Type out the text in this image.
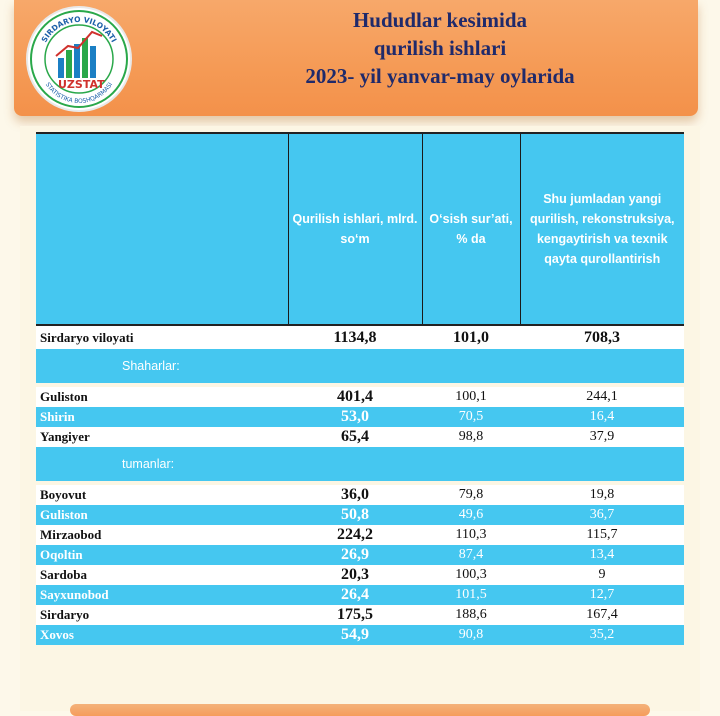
SIRDARYO VILOYATI
STATISTIKA BOSHQARMASI
UZSTAT
Hududlar kesimida
qurilish ishlari
2023- yil yanvar-may oylarida

	Qurilish ishlari, mlrd. so‘m	O‘sish sur’ati, % da	Shu jumladan yangi qurilish, rekonstruksiya, kengaytirish va texnik qayta qurollantirish

Sirdaryo viloyati	1134,8	101,0	708,3
Shaharlar:			

Guliston	401,4	100,1	244,1
Shirin	53,0	70,5	16,4
Yangiyer	65,4	98,8	37,9
tumanlar:			

Boyovut	36,0	79,8	19,8
Guliston	50,8	49,6	36,7
Mirzaobod	224,2	110,3	115,7
Oqoltin	26,9	87,4	13,4
Sardoba	20,3	100,3	9
Sayxunobod	26,4	101,5	12,7
Sirdaryo	175,5	188,6	167,4
Xovos	54,9	90,8	35,2
